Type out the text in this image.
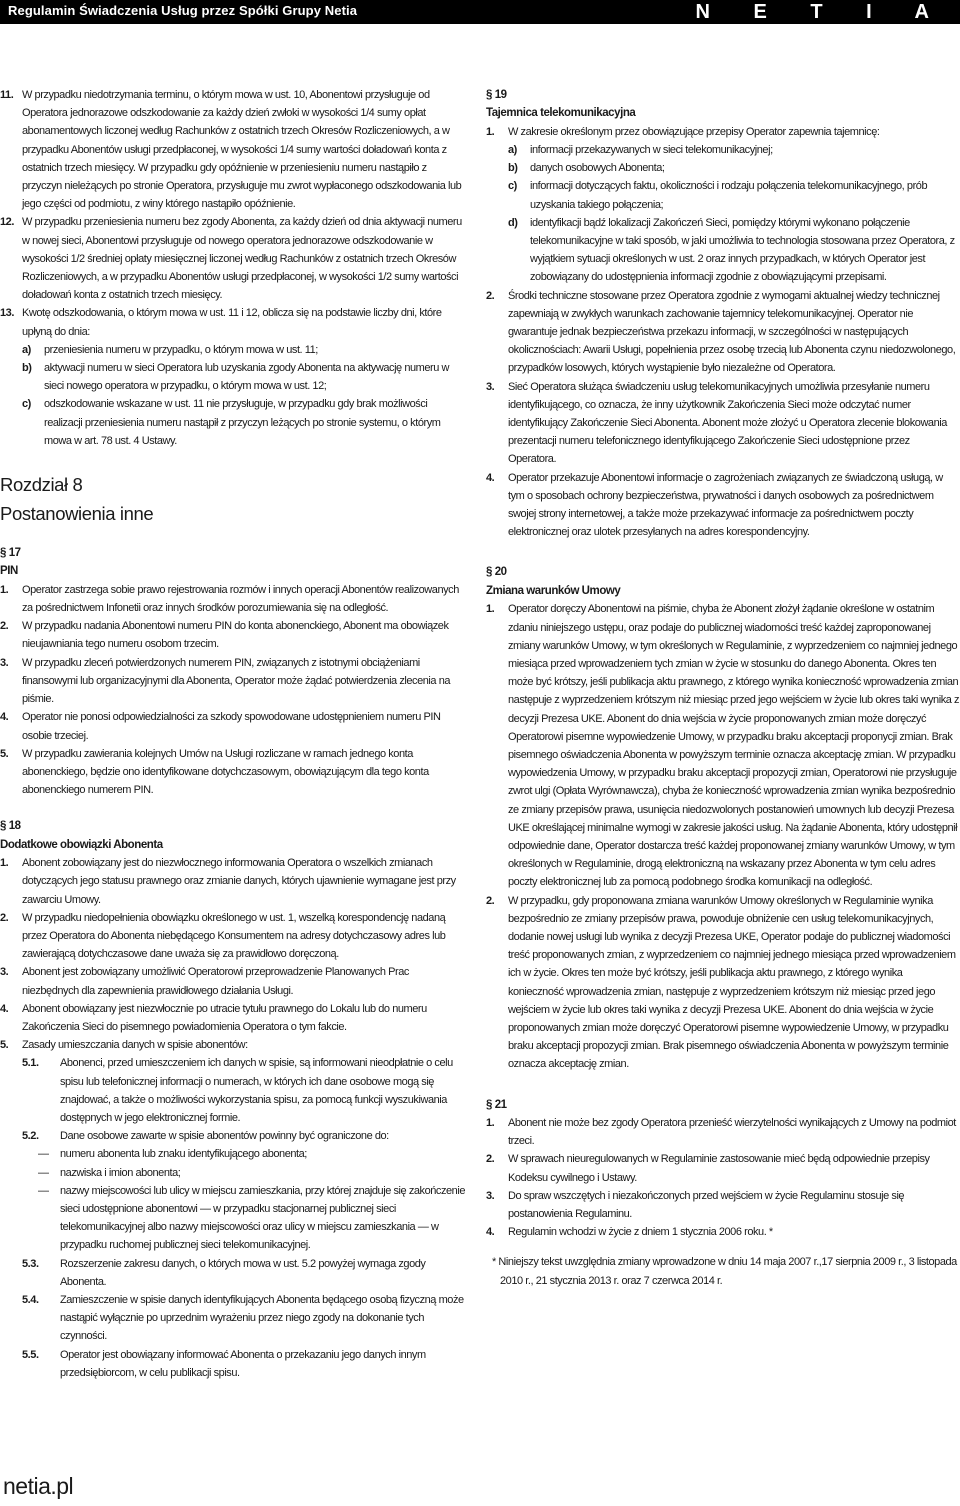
Regulamin Świadczenia Usług przez Spółki Grupy Netia	N E T I A
11. W przypadku niedotrzymania terminu, o którym mowa w ust. 10, Abonentowi przysługuje od Operatora jednorazowe odszkodowanie za każdy dzień zwłoki w wysokości 1/4 sumy opłat abonamentowych liczonej według Rachunków z ostatnich trzech Okresów Rozliczeniowych, a w przypadku Abonentów usługi przedpłaconej, w wysokości 1/4 sumy wartości doładowań konta z ostatnich trzech miesięcy. W przypadku gdy opóźnienie w przeniesieniu numeru nastąpiło z przyczyn nieleżących po stronie Operatora, przysługuje mu zwrot wypłaconego odszkodowania lub jego części od podmiotu, z winy którego nastąpiło opóźnienie.
12. W przypadku przeniesienia numeru bez zgody Abonenta, za każdy dzień od dnia aktywacji numeru w nowej sieci, Abonentowi przysługuje od nowego operatora jednorazowe odszkodowanie w wysokości 1/2 średniej opłaty miesięcznej liczonej według Rachunków z ostatnich trzech Okresów Rozliczeniowych, a w przypadku Abonentów usługi przedpłaconej, w wysokości 1/2 sumy wartości doładowań konta z ostatnich trzech miesięcy.
13. Kwotę odszkodowania, o którym mowa w ust. 11 i 12, oblicza się na podstawie liczby dni, które upłyną do dnia:
a) przeniesienia numeru w przypadku, o którym mowa w ust. 11;
b) aktywacji numeru w sieci Operatora lub uzyskania zgody Abonenta na aktywację numeru w sieci nowego operatora w przypadku, o którym mowa w ust. 12;
c) odszkodowanie wskazane w ust. 11 nie przysługuje, w przypadku gdy brak możliwości realizacji przeniesienia numeru nastąpił z przyczyn leżących po stronie systemu, o którym mowa w art. 78 ust. 4 Ustawy.
Rozdział 8
Postanowienia inne
§ 17
PIN
1. Operator zastrzega sobie prawo rejestrowania rozmów i innych operacji Abonentów realizowanych za pośrednictwem Infonetii oraz innych środków porozumiewania się na odległość.
2. W przypadku nadania Abonentowi numeru PIN do konta abonenckiego, Abonent ma obowiązek nieujawniania tego numeru osobom trzecim.
3. W przypadku zleceń potwierdzonych numerem PIN, związanych z istotnymi obciążeniami finansowymi lub organizacyjnymi dla Abonenta, Operator może żądać potwierdzenia zlecenia na piśmie.
4. Operator nie ponosi odpowiedzialności za szkody spowodowane udostępnieniem numeru PIN osobie trzeciej.
5. W przypadku zawierania kolejnych Umów na Usługi rozliczane w ramach jednego konta abonenckiego, będzie ono identyfikowane dotychczasowym, obowiązującym dla tego konta abonenckiego numerem PIN.
§ 18
Dodatkowe obowiązki Abonenta
1. Abonent zobowiązany jest do niezwłocznego informowania Operatora o wszelkich zmianach dotyczących jego statusu prawnego oraz zmianie danych, których ujawnienie wymagane jest przy zawarciu Umowy.
2. W przypadku niedopełnienia obowiązku określonego w ust. 1, wszelką korespondencję nadaną przez Operatora do Abonenta niebędącego Konsumentem na adresy dotychczasowy adres lub zawierającą dotychczasowe dane uważa się za prawidłowo doręczoną.
3. Abonent jest zobowiązany umożliwić Operatorowi przeprowadzenie Planowanych Prac niezbędnych dla zapewnienia prawidłowego działania Usługi.
4. Abonent obowiązany jest niezwłocznie po utracie tytułu prawnego do Lokalu lub do numeru Zakończenia Sieci do pisemnego powiadomienia Operatora o tym fakcie.
5. Zasady umieszczania danych w spisie abonentów:
5.1. Abonenci, przed umieszczeniem ich danych w spisie, są informowani nieodpłatnie o celu spisu lub telefonicznej informacji o numerach, w których ich dane osobowe mogą się znajdować, a także o możliwości wykorzystania spisu, za pomocą funkcji wyszukiwania dostępnych w jego elektronicznej formie.
5.2. Dane osobowe zawarte w spisie abonentów powinny być ograniczone do:
— numeru abonenta lub znaku identyfikującego abonenta;
— nazwiska i imion abonenta;
— nazwy miejscowości lub ulicy w miejscu zamieszkania, przy której znajduje się zakończenie sieci udostępnione abonentowi — w przypadku stacjonarnej publicznej sieci telekomunikacyjnej albo nazwy miejscowości oraz ulicy w miejscu zamieszkania — w przypadku ruchomej publicznej sieci telekomunikacyjnej.
5.3. Rozszerzenie zakresu danych, o których mowa w ust. 5.2 powyżej wymaga zgody Abonenta.
5.4. Zamieszczenie w spisie danych identyfikujących Abonenta będącego osobą fizyczną może nastąpić wyłącznie po uprzednim wyrażeniu przez niego zgody na dokonanie tych czynności.
5.5. Operator jest obowiązany informować Abonenta o przekazaniu jego danych innym przedsiębiorcom, w celu publikacji spisu.
§ 19
Tajemnica telekomunikacyjna
1. W zakresie określonym przez obowiązujące przepisy Operator zapewnia tajemnicę:
a) informacji przekazywanych w sieci telekomunikacyjnej;
b) danych osobowych Abonenta;
c) informacji dotyczących faktu, okoliczności i rodzaju połączenia telekomunikacyjnego, prób uzyskania takiego połączenia;
d) identyfikacji bądź lokalizacji Zakończeń Sieci, pomiędzy którymi wykonano połączenie telekomunikacyjne w taki sposób, w jaki umożliwia to technologia stosowana przez Operatora, z wyjątkiem sytuacji określonych w ust. 2 oraz innych przypadkach, w których Operator jest zobowiązany do udostępnienia informacji zgodnie z obowiązującymi przepisami.
2. Środki techniczne stosowane przez Operatora zgodnie z wymogami aktualnej wiedzy technicznej zapewniają w zwykłych warunkach zachowanie tajemnicy telekomunikacyjnej. Operator nie gwarantuje jednak bezpieczeństwa przekazu informacji, w szczególności w następujących okolicznościach: Awarii Usługi, popełnienia przez osobę trzecią lub Abonenta czynu niedozwolonego, przypadków losowych, których wystąpienie było niezależne od Operatora.
3. Sieć Operatora służąca świadczeniu usług telekomunikacyjnych umożliwia przesyłanie numeru identyfikującego, co oznacza, że inny użytkownik Zakończenia Sieci może odczytać numer identyfikujący Zakończenie Sieci Abonenta. Abonent może złożyć u Operatora zlecenie blokowania prezentacji numeru telefonicznego identyfikującego Zakończenie Sieci udostępnione przez Operatora.
4. Operator przekazuje Abonentowi informacje o zagrożeniach związanych ze świadczoną usługą, w tym o sposobach ochrony bezpieczeństwa, prywatności i danych osobowych za pośrednictwem swojej strony internetowej, a także może przekazywać informacje za pośrednictwem poczty elektronicznej oraz ulotek przesyłanych na adres korespondencyjny.
§ 20
Zmiana warunków Umowy
1. Operator doręczy Abonentowi na piśmie, chyba że Abonent złożył żądanie określone w ostatnim zdaniu niniejszego ustępu, oraz podaje do publicznej wiadomości treść każdej zaproponowanej zmiany warunków Umowy, w tym określonych w Regulaminie, z wyprzedzeniem co najmniej jednego miesiąca przed wprowadzeniem tych zmian w życie w stosunku do danego Abonenta. Okres ten może być krótszy, jeśli publikacja aktu prawnego, z którego wynika konieczność wprowadzenia zmian następuje z wyprzedzeniem krótszym niż miesiąc przed jego wejściem w życie lub okres taki wynika z decyzji Prezesa UKE. Abonent do dnia wejścia w życie proponowanych zmian może doręczyć Operatorowi pisemne wypowiedzenie Umowy, w przypadku braku akceptacji proponycji zmian. Brak pisemnego oświadczenia Abonenta w powyższym terminie oznacza akceptację zmian. W przypadku wypowiedzenia Umowy, w przypadku braku akceptacji propozycji zmian, Operatorowi nie przysługuje zwrot ulgi (Opłata Wyrównawcza), chyba że konieczność wprowadzenia zmian wynika bezpośrednio ze zmiany przepisów prawa, usunięcia niedozwolonych postanowień umownych lub decyzji Prezesa UKE określającej minimalne wymogi w zakresie jakości usług. Na żądanie Abonenta, który udostępnił odpowiednie dane, Operator dostarcza treść każdej proponowanej zmiany warunków Umowy, w tym określonych w Regulaminie, drogą elektroniczną na wskazany przez Abonenta w tym celu adres poczty elektronicznej lub za pomocą podobnego środka komunikacji na odległość.
2. W przypadku, gdy proponowana zmiana warunków Umowy określonych w Regulaminie wynika bezpośrednio ze zmiany przepisów prawa, powoduje obniżenie cen usług telekomunikacyjnych, dodanie nowej usługi lub wynika z decyzji Prezesa UKE, Operator podaje do publicznej wiadomości treść proponowanych zmian, z wyprzedzeniem co najmniej jednego miesiąca przed wprowadzeniem ich w życie. Okres ten może być krótszy, jeśli publikacja aktu prawnego, z którego wynika konieczność wprowadzenia zmian, następuje z wyprzedzeniem krótszym niż miesiąc przed jego wejściem w życie lub okres taki wynika z decyzji Prezesa UKE. Abonent do dnia wejścia w życie proponowanych zmian może doręczyć Operatorowi pisemne wypowiedzenie Umowy, w przypadku braku akceptacji propozycji zmian. Brak pisemnego oświadczenia Abonenta w powyższym terminie oznacza akceptację zmian.
§ 21
1. Abonent nie może bez zgody Operatora przenieść wierzytelności wynikających z Umowy na podmiot trzeci.
2. W sprawach nieuregulowanych w Regulaminie zastosowanie mieć będą odpowiednie przepisy Kodeksu cywilnego i Ustawy.
3. Do spraw wszczętych i niezakończonych przed wejściem w życie Regulaminu stosuje się postanowienia Regulaminu.
4. Regulamin wchodzi w życie z dniem 1 stycznia 2006 roku. *
* Niniejszy tekst uwzględnia zmiany wprowadzone w dniu 14 maja 2007 r.,17 sierpnia 2009 r., 3 listopada 2010 r., 21 stycznia 2013 r. oraz 7 czerwca 2014 r.
netia.pl
